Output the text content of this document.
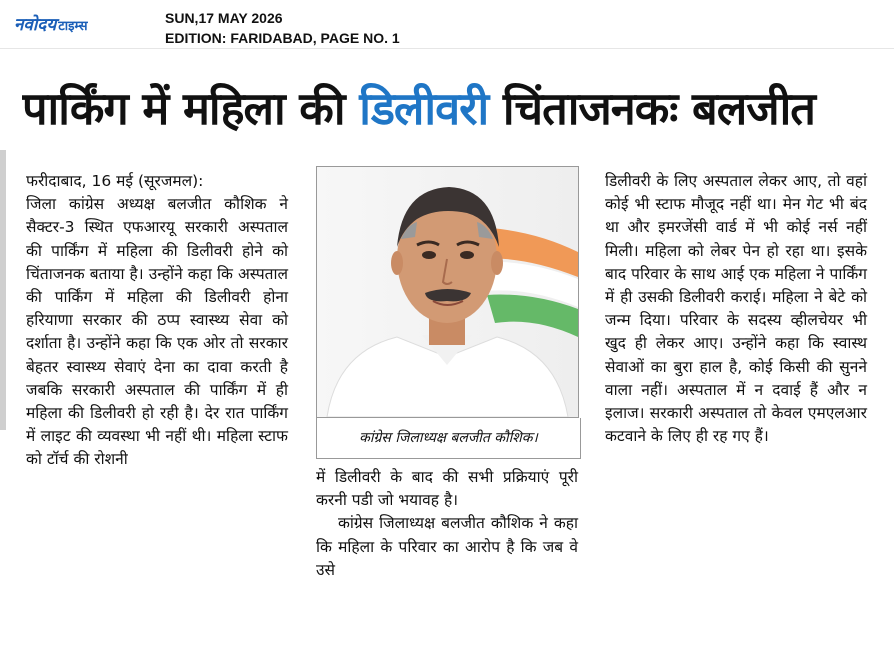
नवोदय टाइम्स
SUN,17 MAY 2026
EDITION: FARIDABAD, PAGE NO. 1
पार्किंग में महिला की डिलीवरी चिंताजनकः बलजीत

फरीदाबाद, 16 मई (सूरजमल):

जिला कांग्रेस अध्यक्ष बलजीत कौशिक ने सैक्टर-3 स्थित एफआरयू सरकारी अस्पताल की पार्किंग में महिला की डिलीवरी होने को चिंताजनक बताया है। उन्होंने कहा कि अस्पताल की पार्किंग में महिला की डिलीवरी होना हरियाणा सरकार की ठप्प स्वास्थ्य सेवा को दर्शाता है। उन्होंने कहा कि एक ओर तो सरकार बेहतर स्वास्थ्य सेवाएं देना का दावा करती है जबकि सरकारी अस्पताल की पार्किंग में ही महिला की डिलीवरी हो रही है। देर रात पार्किंग में लाइट की व्यवस्था भी नहीं थी। महिला स्टाफ को टॉर्च की रोशनी

कांग्रेस जिलाध्यक्ष बलजीत कौशिक।

में डिलीवरी के बाद की सभी प्रक्रियाएं पूरी करनी पडी जो भयावह है।

कांग्रेस जिलाध्यक्ष बलजीत कौशिक ने कहा कि महिला के परिवार का आरोप है कि जब वे उसे

डिलीवरी के लिए अस्पताल लेकर आए, तो वहां कोई भी स्टाफ मौजूद नहीं था। मेन गेट भी बंद था और इमरजेंसी वार्ड में भी कोई नर्स नहीं मिली। महिला को लेबर पेन हो रहा था। इसके बाद परिवार के साथ आई एक महिला ने पार्किंग में ही उसकी डिलीवरी कराई। महिला ने बेटे को जन्म दिया। परिवार के सदस्य व्हीलचेयर भी खुद ही लेकर आए। उन्होंने कहा कि स्वास्थ सेवाओं का बुरा हाल है, कोई किसी की सुनने वाला नहीं। अस्पताल में न दवाई हैं और न इलाज। सरकारी अस्पताल तो केवल एमएलआर कटवाने के लिए ही रह गए हैं।
